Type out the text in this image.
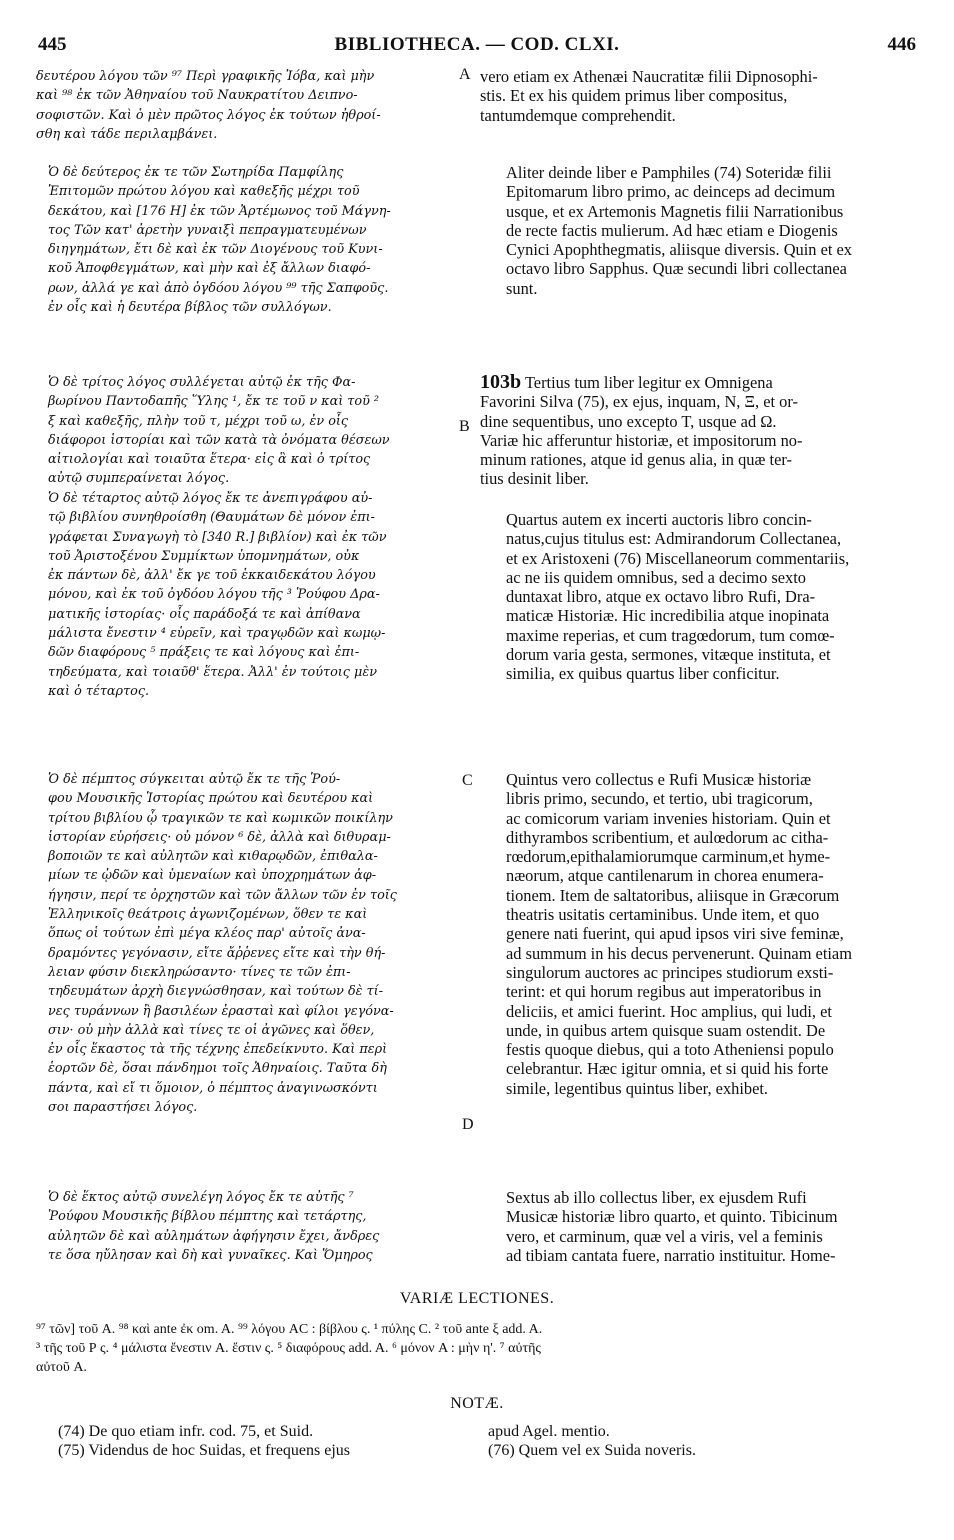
445	BIBLIOTHECA. — COD. CLXI.	446
δευτέρου λόγου τῶν ⁹⁷ Περὶ γραφικῆς Ἰόβα, καὶ μὴν
καὶ ⁹⁸ ἐκ τῶν Ἀθηναίου τοῦ Ναυκρατίτου Δειπνο-
σοφιστῶν. Καὶ ὁ μὲν πρῶτος λόγος ἐκ τούτων ἠθροί-
σθη καὶ τάδε περιλαμβάνει.
Ὁ δὲ δεύτερος ἐκ τε τῶν Σωτηρίδα Παμφίλης
Ἐπιτομῶν πρώτου λόγου καὶ καθεξῆς μέχρι τοῦ
δεκάτου, καὶ [176 H] ἐκ τῶν Ἀρτέμωνος τοῦ Μάγνη-
τος Τῶν κατ' ἀρετὴν γυναιξὶ πεπραγματευμένων
διηγημάτων, ἔτι δὲ καὶ ἐκ τῶν Διογένους τοῦ Κυνι-
κοῦ Ἀποφθεγμάτων, καὶ μὴν καὶ ἐξ ἄλλων διαφό-
ρων, ἀλλά γε καὶ ἀπὸ ὀγδόου λόγου ⁹⁹ τῆς Σαπφοῦς.
ἐν οἷς καὶ ἡ δευτέρα βίβλος τῶν συλλόγων.
Ὁ δὲ τρίτος λόγος συλλέγεται αὐτῷ ἐκ τῆς Φα-
βωρίνου Παντοδαπῆς Ὕλης ¹, ἔκ τε τοῦ ν καὶ τοῦ ²
ξ καὶ καθεξῆς, πλὴν τοῦ τ, μέχρι τοῦ ω, ἐν οἷς
διάφοροι ἱστορίαι καὶ τῶν κατὰ τὰ ὀνόματα θέσεων
αἰτιολογίαι καὶ τοιαῦτα ἕτερα· εἰς ἃ καὶ ὁ τρίτος
αὐτῷ συμπεραίνεται λόγος.
Ὁ δὲ τέταρτος αὐτῷ λόγος ἔκ τε ἀνεπιγράφου αὐ-
τῷ βιβλίου συνηθροίσθη (Θαυμάτων δὲ μόνον ἐπι-
γράφεται Συναγωγὴ τὸ [340 R.] βιβλίον) καὶ ἐκ τῶν
τοῦ Ἀριστοξένου Συμμίκτων ὑπομνημάτων, οὐκ
ἐκ πάντων δὲ, ἀλλ' ἔκ γε τοῦ ἑκκαιδεκάτου λόγου
μόνου, καὶ ἐκ τοῦ ὀγδόου λόγου τῆς ³ Ῥούφου Δρα-
ματικῆς ἱστορίας· οἷς παράδοξά τε καὶ ἀπίθανα
μάλιστα ἔνεστιν ⁴ εὑρεῖν, καὶ τραγῳδῶν καὶ κωμῳ-
δῶν διαφόρους ⁵ πράξεις τε καὶ λόγους καὶ ἐπι-
τηδεύματα, καὶ τοιαῦθ' ἕτερα. Ἀλλ' ἐν τούτοις μὲν
καὶ ὁ τέταρτος.
Ὁ δὲ πέμπτος σύγκειται αὐτῷ ἔκ τε τῆς Ῥού-
φου Μουσικῆς Ἱστορίας πρώτου καὶ δευτέρου καὶ
τρίτου βιβλίου ᾧ τραγικῶν τε καὶ κωμικῶν ποικίλην
ἱστορίαν εὑρήσεις· οὐ μόνον ⁶ δὲ, ἀλλὰ καὶ διθυραμ-
βοποιῶν τε καὶ αὐλητῶν καὶ κιθαρῳδῶν, ἐπιθαλα-
μίων τε ᾠδῶν καὶ ὑμεναίων καὶ ὑποχρημάτων ἀφ-
ήγησιν, περί τε ὀρχηστῶν καὶ τῶν ἄλλων τῶν ἐν τοῖς
Ἑλληνικοῖς θεάτροις ἀγωνιζομένων, ὅθεν τε καὶ
ὅπως οἱ τούτων ἐπὶ μέγα κλέος παρ' αὐτοῖς ἀνα-
δραμόντες γεγόνασιν, εἴτε ἄῤῥενες εἴτε καὶ τὴν θή-
λειαν φύσιν διεκληρώσαντο· τίνες τε τῶν ἐπι-
τηδευμάτων ἀρχὴ διεγνώσθησαν, καὶ τούτων δὲ τί-
νες τυράννων ἢ βασιλέων ἐρασταὶ καὶ φίλοι γεγόνα-
σιν· οὐ μὴν ἀλλὰ καὶ τίνες τε οἱ ἀγῶνες καὶ ὅθεν,
ἐν οἷς ἕκαστος τὰ τῆς τέχνης ἐπεδείκνυτο. Καὶ περὶ
ἑορτῶν δὲ, ὅσαι πάνδημοι τοῖς Ἀθηναίοις. Ταῦτα δὴ
πάντα, καὶ εἴ τι ὅμοιον, ὁ πέμπτος ἀναγινωσκόντι
σοι παραστήσει λόγος.
Ὁ δὲ ἕκτος αὐτῷ συνελέγη λόγος ἔκ τε αὐτῆς ⁷
Ῥούφου Μουσικῆς βίβλου πέμπτης καὶ τετάρτης,
αὐλητῶν δὲ καὶ αὐλημάτων ἀφήγησιν ἔχει, ἄνδρες
τε ὅσα ηὔλησαν καὶ δὴ καὶ γυναῖκες. Καὶ Ὅμηρος
A
B
C
D
vero etiam ex Athenæi Naucratitæ filii Dipnosophi-
stis. Et ex his quidem primus liber compositus,
tantumdemque comprehendit.
Aliter deinde liber e Pamphiles (74) Soteridæ filii
Epitomarum libro primo, ac deinceps ad decimum
usque, et ex Artemonis Magnetis filii Narrationibus
de recte factis mulierum. Ad hæc etiam e Diogenis
Cynici Apophthegmatis, aliisque diversis. Quin et ex
octavo libro Sapphus. Quæ secundi libri collectanea
sunt.
103b Tertius tum liber legitur ex Omnigena
Favorini Silva (75), ex ejus, inquam, N, Ξ, et or-
dine sequentibus, uno excepto T, usque ad Ω.
Variæ hic afferuntur historiæ, et impositorum no-
minum rationes, atque id genus alia, in quæ ter-
tius desinit liber.
Quartus autem ex incerti auctoris libro concin-
natus,cujus titulus est: Admirandorum Collectanea,
et ex Aristoxeni (76) Miscellaneorum commentariis,
ac ne iis quidem omnibus, sed a decimo sexto
duntaxat libro, atque ex octavo libro Rufi, Dra-
maticæ Historiæ. Hic incredibilia atque inopinata
maxime reperias, et cum tragœdorum, tum comœ-
dorum varia gesta, sermones, vitæque instituta, et
similia, ex quibus quartus liber conficitur.
Quintus vero collectus e Rufi Musicæ historiæ
libris primo, secundo, et tertio, ubi tragicorum,
ac comicorum variam invenies historiam. Quin et
dithyrambos scribentium, et aulœdorum ac citha-
rœdorum,epithalamiorumque carminum,et hyme-
næorum, atque cantilenarum in chorea enumera-
tionem. Item de saltatoribus, aliisque in Græcorum
theatris usitatis certaminibus. Unde item, et quo
genere nati fuerint, qui apud ipsos viri sive feminæ,
ad summum in his decus pervenerunt. Quinam etiam
singulorum auctores ac principes studiorum exsti-
terint: et qui horum regibus aut imperatoribus in
deliciis, et amici fuerint. Hoc amplius, qui ludi, et
unde, in quibus artem quisque suam ostendit. De
festis quoque diebus, qui a toto Atheniensi populo
celebrantur. Hæc igitur omnia, et si quid his forte
simile, legentibus quintus liber, exhibet.
Sextus ab illo collectus liber, ex ejusdem Rufi
Musicæ historiæ libro quarto, et quinto. Tibicinum
vero, et carminum, quæ vel a viris, vel a feminis
ad tibiam cantata fuere, narratio instituitur. Home-
VARIÆ LECTIONES.
⁹⁷ τῶν] τοῦ A. ⁹⁸ καὶ ante ἐκ om. A. ⁹⁹ λόγου AC : βίβλου ς. ¹ πύλης C. ² τοῦ ante ξ add. A.
³ τῆς τοῦ Ρ ς. ⁴ μάλιστα ἔνεστιν A. ἔστιν ς. ⁵ διαφόρους add. A. ⁶ μόνον A : μὴν η'. ⁷ αὐτῆς
αὐτοῦ A.
NOTÆ.
(74) De quo etiam infr. cod. 75, et Suid.
(75) Videndus de hoc Suidas, et frequens ejus
apud Agel. mentio.
(76) Quem vel ex Suida noveris.
